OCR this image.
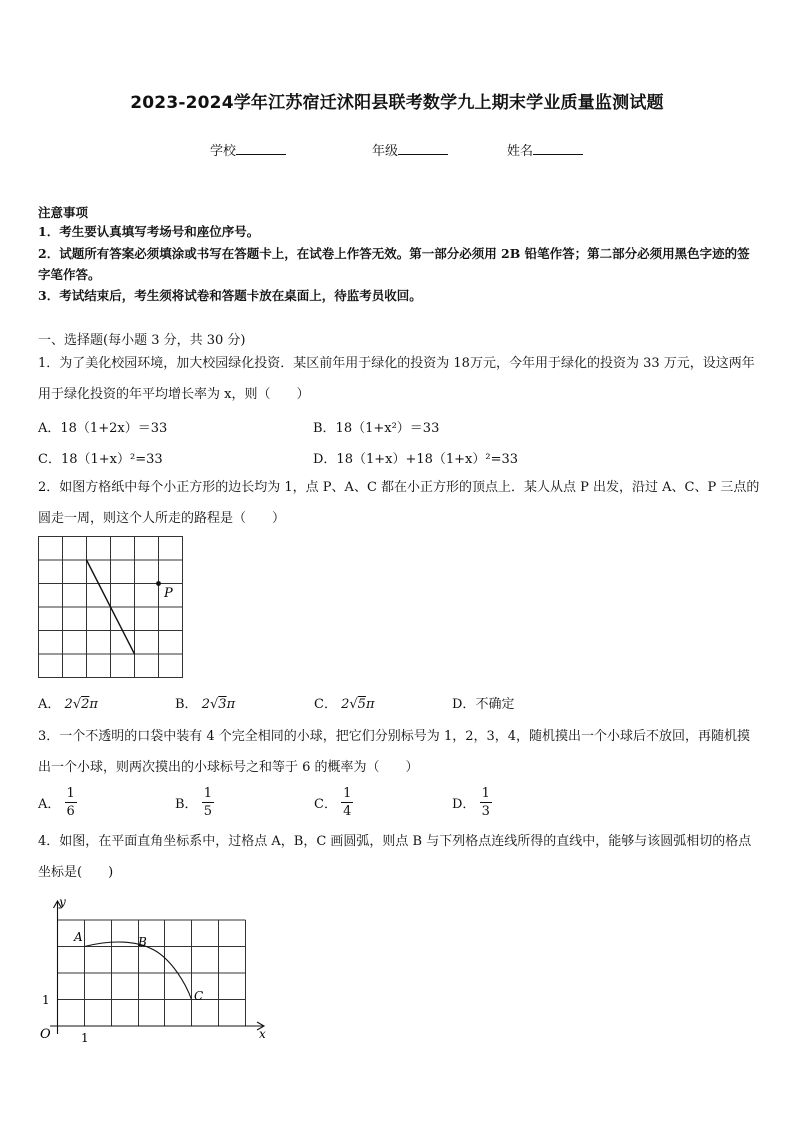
2023-2024学年江苏宿迁沭阳县联考数学九上期末学业质量监测试题
学校	年级	姓名
注意事项
1．考生要认真填写考场号和座位序号。
2．试题所有答案必须填涂或书写在答题卡上，在试卷上作答无效。第一部分必须用 2B 铅笔作答；第二部分必须用黑色字迹的签字笔作答。
3．考试结束后，考生须将试卷和答题卡放在桌面上，待监考员收回。
一、选择题(每小题 3 分，共 30 分)
1．为了美化校园环境，加大校园绿化投资．某区前年用于绿化的投资为 18万元，今年用于绿化的投资为 33 万元，设这两年用于绿化投资的年平均增长率为 x，则（　　）
A．18（1+2x）＝33	B．18（1+x²）＝33
C．18（1+x）²=33	D．18（1+x）+18（1+x）²=33
2．如图方格纸中每个小正方形的边长均为 1，点 P、A、C 都在小正方形的顶点上．某人从点 P 出发，沿过 A、C、P 三点的圆走一周，则这个人所走的路程是（　　）
P
A． 2√2π	B． 2√3π	C． 2√5π	D．不确定
3．一个不透明的口袋中装有 4 个完全相同的小球，把它们分别标号为 1，2，3，4，随机摸出一个小球后不放回，再随机摸出一个小球，则两次摸出的小球标号之和等于 6 的概率为（　　）
A． $\frac{1}{6}$	B． $\frac{1}{5}$	C． $\frac{1}{4}$	D． $\frac{1}{3}$
4．如图，在平面直角坐标系中，过格点 A，B，C 画圆弧，则点 B 与下列格点连线所得的直线中，能够与该圆弧相切的格点坐标是(　　)
y
x
O
A	B
C
1
1
